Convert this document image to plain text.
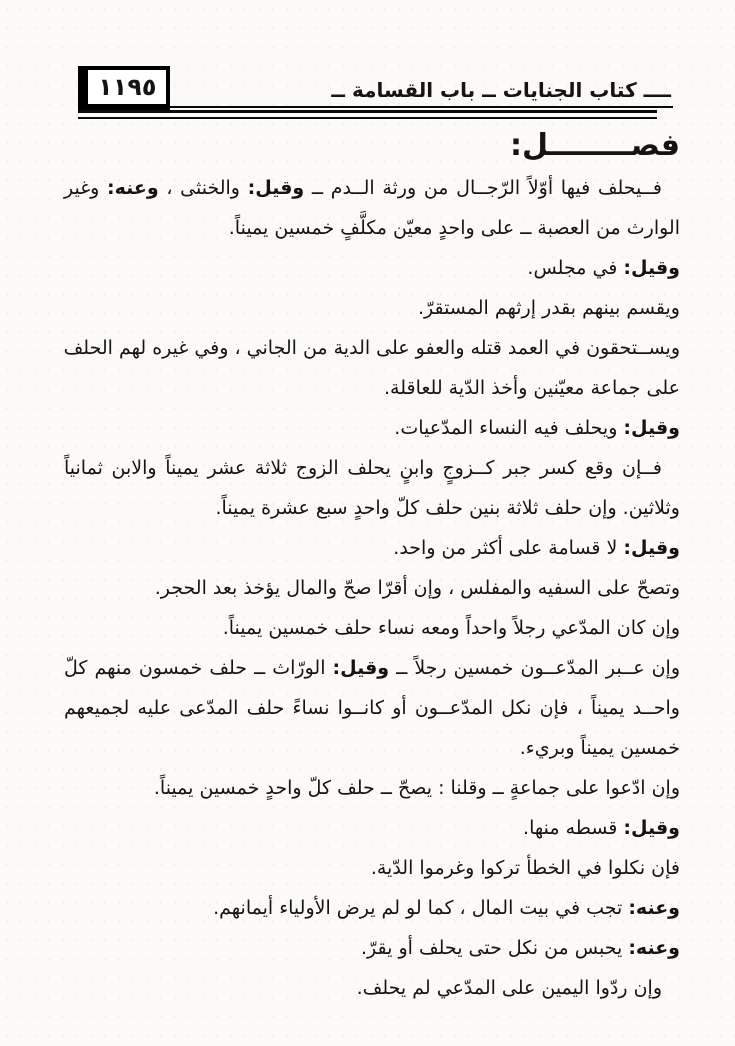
ــــ كتاب الجنايات ــ باب القسامة ــ
١١٩٥
فصــــــــل:
فــيحلف فيها أوّلاً الرّجــال من ورثة الــدم ــ وقيل: والخنثى ، وعنه: وغير
الوارث من العصبة ــ على واحدٍ معيّن مكلَّفٍ خمسين يميناً.
وقيل: في مجلس.
ويقسم بينهم بقدر إرثهم المستقرّ.
ويســتحقون في العمد قتله والعفو على الدية من الجاني ، وفي غيره لهم الحلف
على جماعة معيّنين وأخذ الدّية للعاقلة.
وقيل: ويحلف فيه النساء المدّعيات.
فــإن وقع كسر جبر كــزوجٍ وابنٍ يحلف الزوج ثلاثة عشر يميناً والابن ثمانياً
وثلاثين. وإن حلف ثلاثة بنين حلف كلّ واحدٍ سبع عشرة يميناً.
وقيل: لا قسامة على أكثر من واحد.
وتصحّ على السفيه والمفلس ، وإن أقرّا صحّ والمال يؤخذ بعد الحجر.
وإن كان المدّعي رجلاً واحداً ومعه نساء حلف خمسين يميناً.
وإن عــبر المدّعــون خمسين رجلاً ــ وقيل: الورّاث ــ حلف خمسون منهم كلّ
واحــد يميناً ، فإن نكل المدّعــون أو كانــوا نساءً حلف المدّعى عليه لجميعهم
خمسين يميناً وبريء.
وإن ادّعوا على جماعةٍ ــ وقلنا : يصحّ ــ حلف كلّ واحدٍ خمسين يميناً.
وقيل: قسطه منها.
فإن نكلوا في الخطأ تركوا وغرموا الدّية.
وعنه: تجب في بيت المال ، كما لو لم يرض الأولياء أيمانهم.
وعنه: يحبس من نكل حتى يحلف أو يقرّ.
وإن ردّوا اليمين على المدّعي لم يحلف.
